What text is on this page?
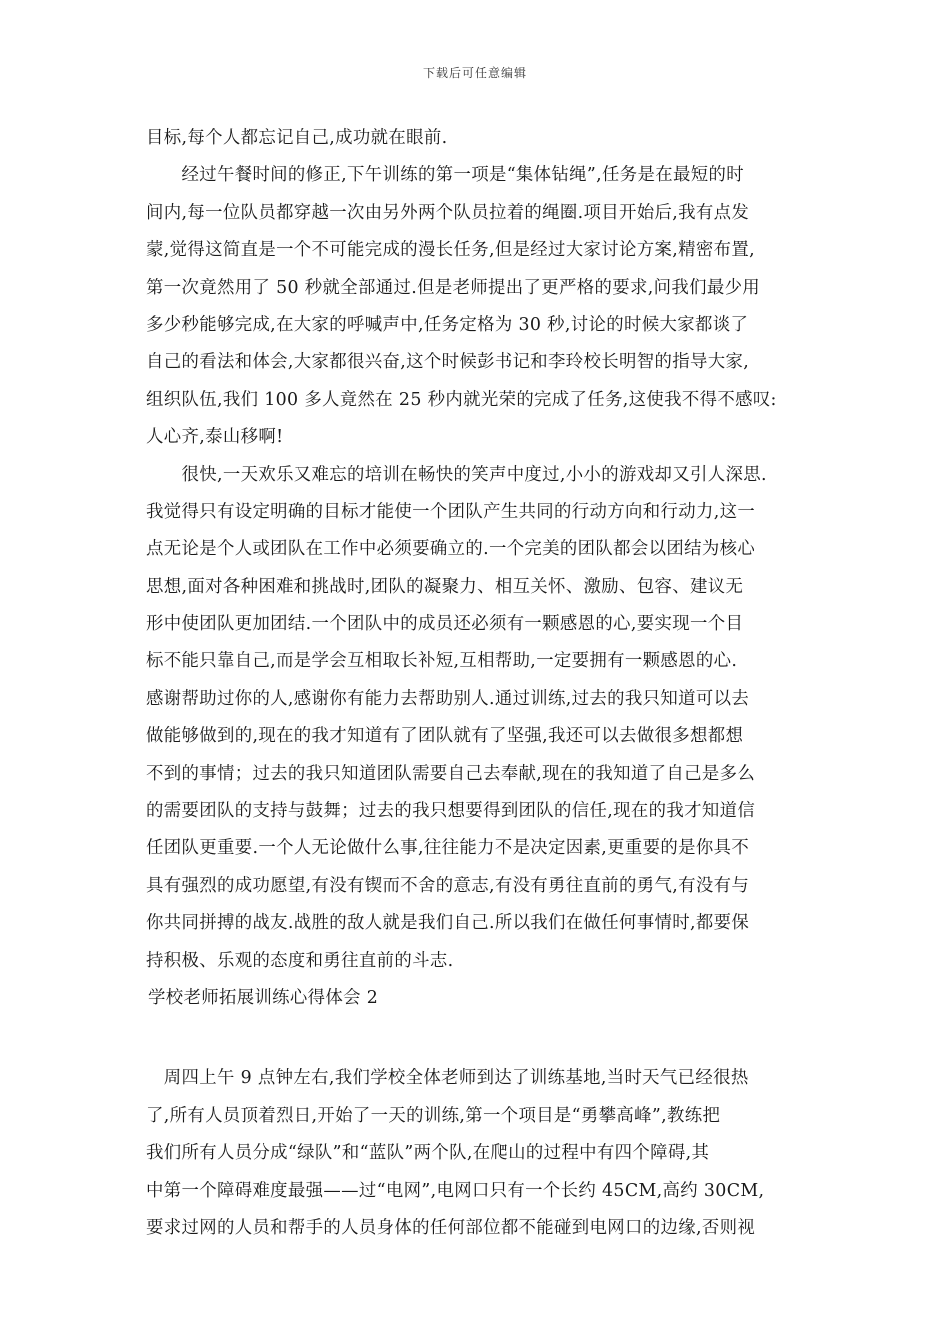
下载后可任意编辑
目标,每个人都忘记自己,成功就在眼前.
　　经过午餐时间的修正,下午训练的第一项是“集体钻绳”,任务是在最短的时
间内,每一位队员都穿越一次由另外两个队员拉着的绳圈.项目开始后,我有点发
蒙,觉得这简直是一个不可能完成的漫长任务,但是经过大家讨论方案,精密布置,
第一次竟然用了 50 秒就全部通过.但是老师提出了更严格的要求,问我们最少用
多少秒能够完成,在大家的呼喊声中,任务定格为 30 秒,讨论的时候大家都谈了
自己的看法和体会,大家都很兴奋,这个时候彭书记和李玲校长明智的指导大家,
组织队伍,我们 100 多人竟然在 25 秒内就光荣的完成了任务,这使我不得不感叹:
人心齐,泰山移啊!
　　很快,一天欢乐又难忘的培训在畅快的笑声中度过,小小的游戏却又引人深思.
我觉得只有设定明确的目标才能使一个团队产生共同的行动方向和行动力,这一
点无论是个人或团队在工作中必须要确立的.一个完美的团队都会以团结为核心
思想,面对各种困难和挑战时,团队的凝聚力、相互关怀、激励、包容、建议无
形中使团队更加团结.一个团队中的成员还必须有一颗感恩的心,要实现一个目
标不能只靠自己,而是学会互相取长补短,互相帮助,一定要拥有一颗感恩的心.
感谢帮助过你的人,感谢你有能力去帮助别人.通过训练,过去的我只知道可以去
做能够做到的,现在的我才知道有了团队就有了坚强,我还可以去做很多想都想
不到的事情；过去的我只知道团队需要自己去奉献,现在的我知道了自己是多么
的需要团队的支持与鼓舞；过去的我只想要得到团队的信任,现在的我才知道信
任团队更重要.一个人无论做什么事,往往能力不是决定因素,更重要的是你具不
具有强烈的成功愿望,有没有锲而不舍的意志,有没有勇往直前的勇气,有没有与
你共同拼搏的战友.战胜的敌人就是我们自己.所以我们在做任何事情时,都要保
持积极、乐观的态度和勇往直前的斗志.
学校老师拓展训练心得体会 2
　周四上午 9 点钟左右,我们学校全体老师到达了训练基地,当时天气已经很热
了,所有人员顶着烈日,开始了一天的训练,第一个项目是“勇攀高峰”,教练把
我们所有人员分成“绿队”和“蓝队”两个队,在爬山的过程中有四个障碍,其
中第一个障碍难度最强——过“电网”,电网口只有一个长约 45CM,高约 30CM,
要求过网的人员和帮手的人员身体的任何部位都不能碰到电网口的边缘,否则视
